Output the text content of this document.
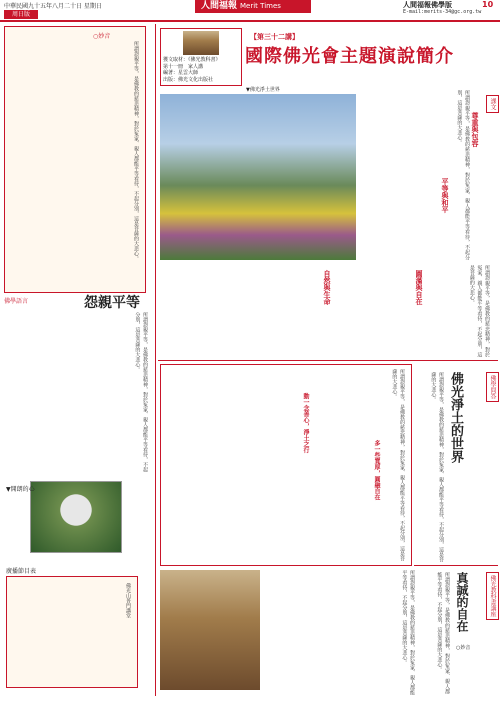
中華民國九十五年八月二十日 星期日
周日版
人間福報 Merit Times	人間福報佛學版	10
E-mail:merits-34@gc.org.tw
○妙音
所謂怨親平等，是佛教的慈悲精神，對於冤家、親人都能平等看待，不起分別，這是菩薩的大悲心。
佛學語言	怨親平等
所謂怨親平等，是佛教的慈悲精神，對於冤家、親人都能平等看待，不起分別，這是菩薩的大悲心。
▼開朗的心
廣播節目表
佛光山普門講堂
【第三十二講】
國際佛光會主題演說簡介
獲文取材：《佛光教科書》
第十一冊　家人講
編著：星雲大師
出版：佛光文化出版社
▼佛光淨土世界
課文
所謂怨親平等，是佛教的慈悲精神，對於冤家、親人都能平等看待，不起分別，這是菩薩的大悲心。	尊重與包容
平等與和平
圓滿與自在
自然與生命	所謂怨親平等，是佛教的慈悲精神，對於冤家、親人都能平等看待，不起分別，這是菩薩的大悲心。
動一念善心，淨土之行	所謂怨親平等，是佛教的慈悲精神，對於冤家、親人都能平等看待，不起分別，這是菩薩的大悲心。
多一些寬厚，圓融自在
所謂怨親平等，是佛教的慈悲精神，對於冤家、親人都能平等看待，不起分別，這是菩薩的大悲心。
佛學問答
佛光淨土的世界
所謂怨親平等，是佛教的慈悲精神，對於冤家、親人都能平等看待，不起分別，這是菩薩的大悲心。
佛光教科書講座
真誠的自在
○妙音
所謂怨親平等，是佛教的慈悲精神，對於冤家、親人都能平等看待，不起分別，這是菩薩的大悲心。
